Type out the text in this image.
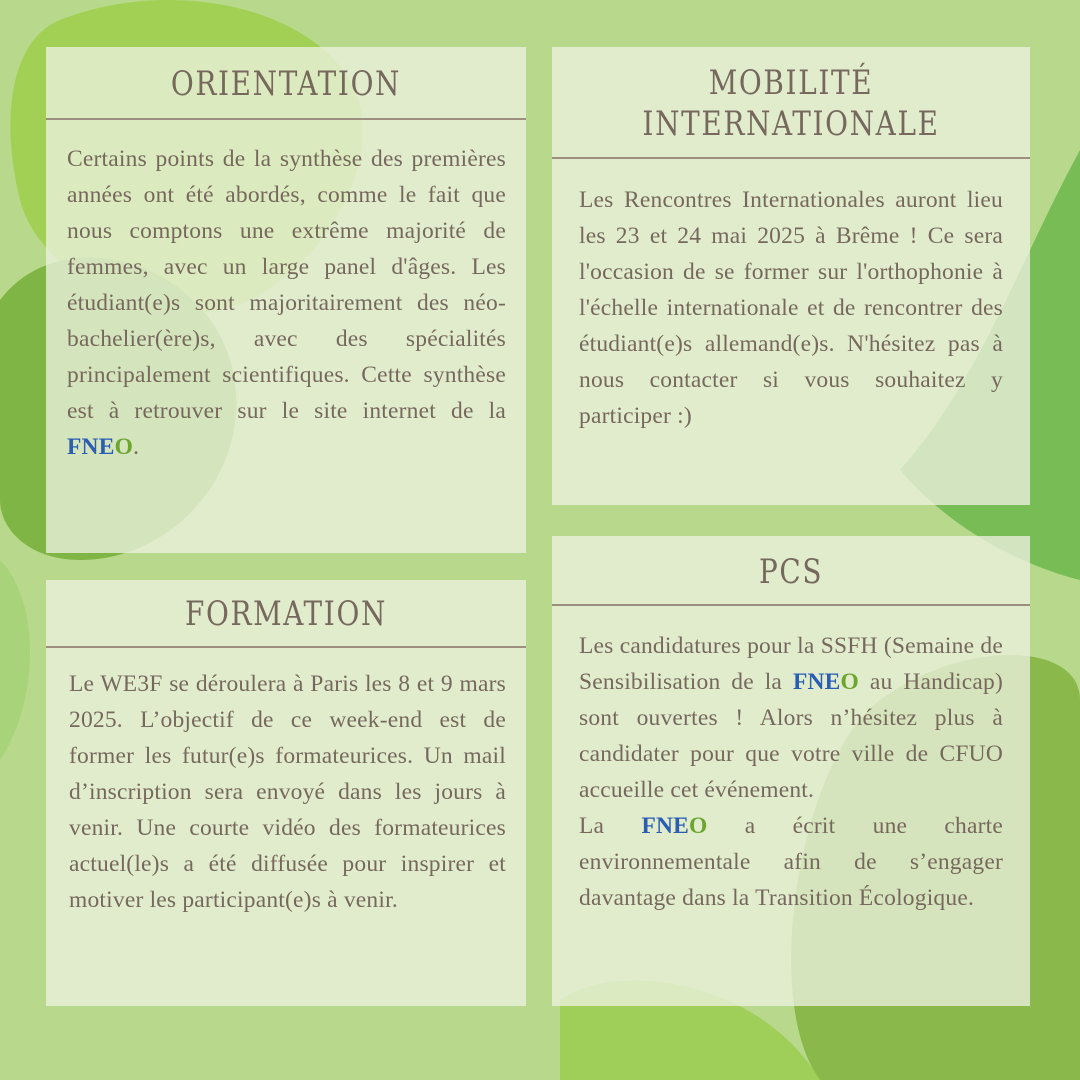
ORIENTATION
Certains points de la synthèse des premières années ont été abordés, comme le fait que nous comptons une extrême majorité de femmes, avec un large panel d'âges. Les étudiant(e)s sont majoritairement des néo-bachelier(ère)s, avec des spécialités principalement scientifiques. Cette synthèse est à retrouver sur le site internet de la FNEO.
MOBILITÉ
INTERNATIONALE
Les Rencontres Internationales auront lieu les 23 et 24 mai 2025 à Brême ! Ce sera l'occasion de se former sur l'orthophonie à l'échelle internationale et de rencontrer des étudiant(e)s allemand(e)s. N'hésitez pas à nous contacter si vous souhaitez y participer :)
FORMATION
Le WE3F se déroulera à Paris les 8 et 9 mars 2025. L’objectif de ce week-end est de former les futur(e)s formateurices. Un mail d’inscription sera envoyé dans les jours à venir. Une courte vidéo des formateurices actuel(le)s a été diffusée pour inspirer et motiver les participant(e)s à venir.
PCS

Les candidatures pour la SSFH (Semaine de Sensibilisation de la FNEO au Handicap) sont ouvertes ! Alors n’hésitez plus à candidater pour que votre ville de CFUO accueille cet événement.

La FNEO a écrit une charte environnementale afin de s’engager davantage dans la Transition Écologique.
